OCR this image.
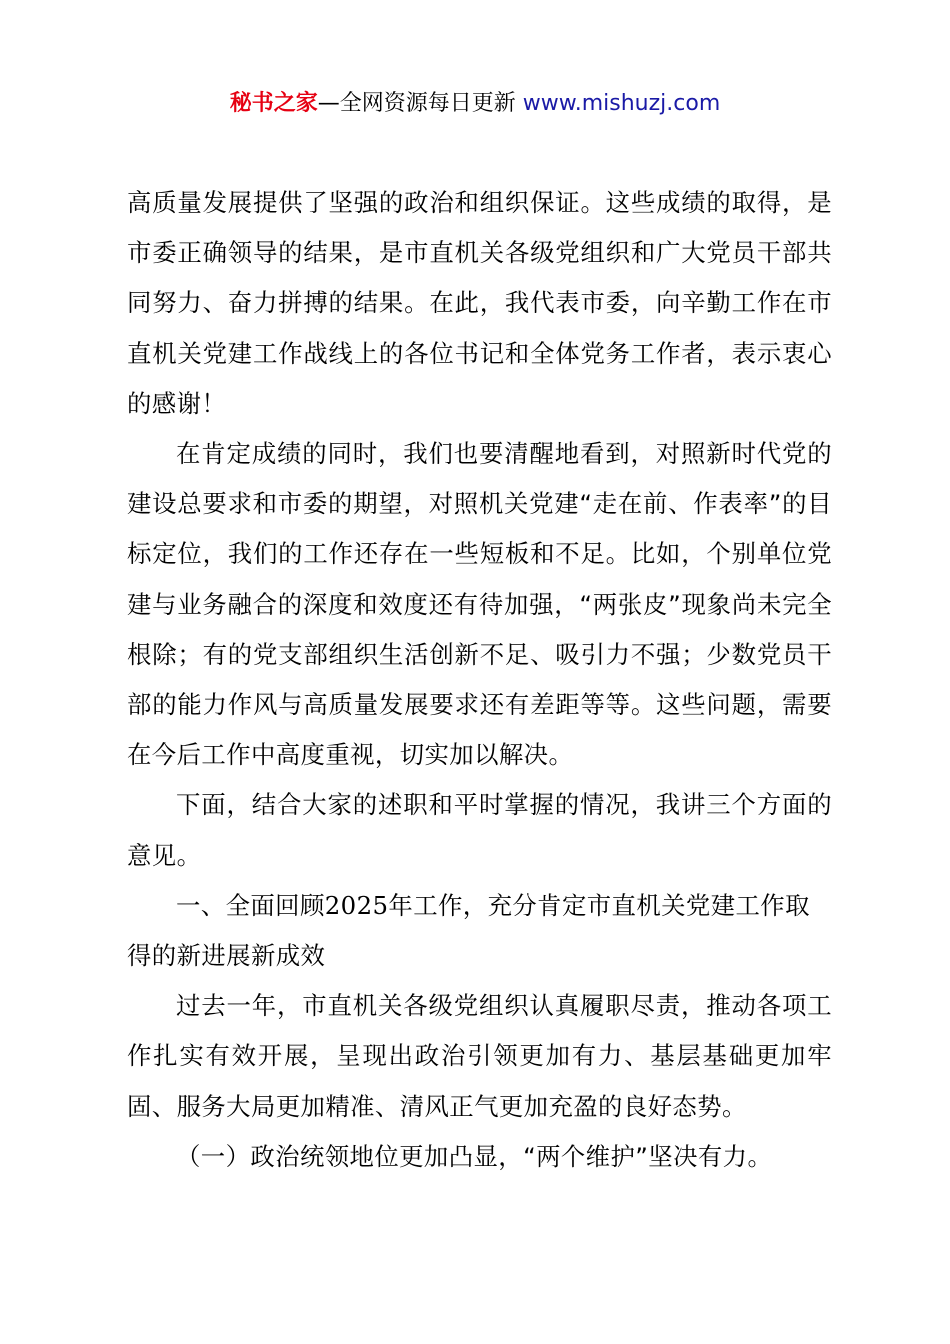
秘书之家—全网资源每日更新 www.mishuzj.com

高质量发展提供了坚强的政治和组织保证。这些成绩的取得，是市委正确领导的结果，是市直机关各级党组织和广大党员干部共同努力、奋力拼搏的结果。在此，我代表市委，向辛勤工作在市直机关党建工作战线上的各位书记和全体党务工作者，表示衷心的感谢！

在肯定成绩的同时，我们也要清醒地看到，对照新时代党的建设总要求和市委的期望，对照机关党建“走在前、作表率”的目标定位，我们的工作还存在一些短板和不足。比如，个别单位党建与业务融合的深度和效度还有待加强，“两张皮”现象尚未完全根除；有的党支部组织生活创新不足、吸引力不强；少数党员干部的能力作风与高质量发展要求还有差距等等。这些问题，需要在今后工作中高度重视，切实加以解决。

下面，结合大家的述职和平时掌握的情况，我讲三个方面的意见。

一、全面回顾2025年工作，充分肯定市直机关党建工作取得的新进展新成效

过去一年，市直机关各级党组织认真履职尽责，推动各项工作扎实有效开展，呈现出政治引领更加有力、基层基础更加牢固、服务大局更加精准、清风正气更加充盈的良好态势。

（一）政治统领地位更加凸显，“两个维护”坚决有力。
